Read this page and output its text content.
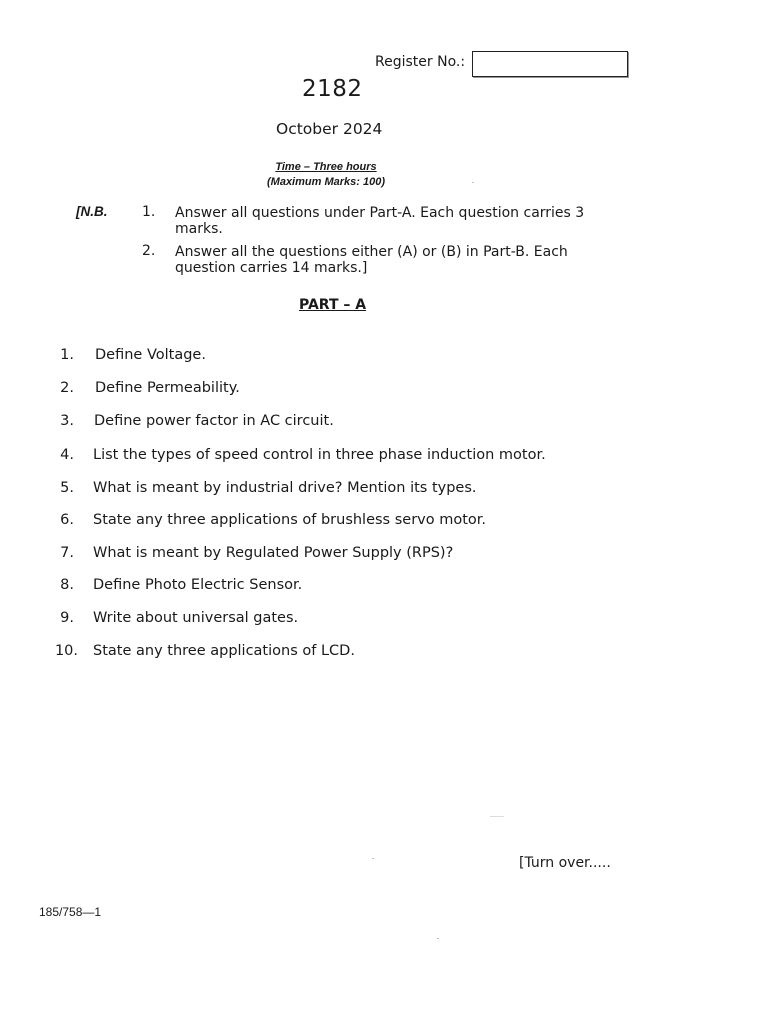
Register No.:
2182
October 2024
Time – Three hours
(Maximum Marks: 100)
[N.B. 1. Answer all questions under Part-A. Each question carries 3 marks.
2. Answer all the questions either (A) or (B) in Part-B. Each question carries 14 marks.]
PART – A
1. Define Voltage.
2. Define Permeability.
3. Define power factor in AC circuit.
4. List the types of speed control in three phase induction motor.
5. What is meant by industrial drive? Mention its types.
6. State any three applications of brushless servo motor.
7. What is meant by Regulated Power Supply (RPS)?
8. Define Photo Electric Sensor.
9. Write about universal gates.
10. State any three applications of LCD.
[Turn over.....
185/758—1
